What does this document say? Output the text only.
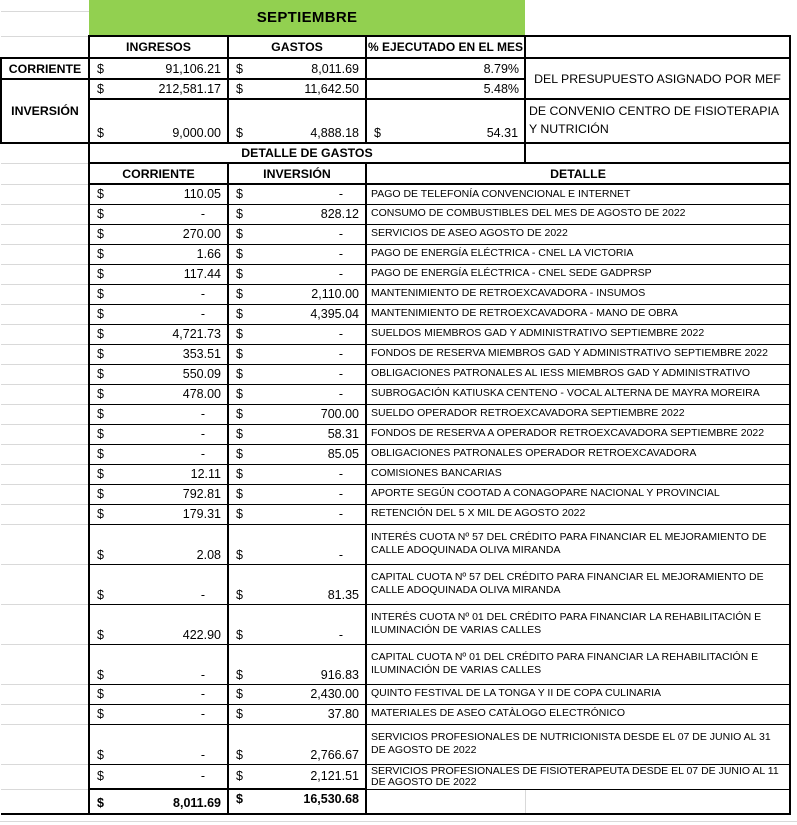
	SEPTIEMBRE			
	INGRESOS	GASTOS	% EJECUTADO EN EL MES	
CORRIENTE	$ 91,106.21	$ 8,011.69	8.79%	DEL PRESUPUESTO ASIGNADO POR MEF
INVERSIÓN	$ 212,581.17	$ 11,642.50	5.48%	

	$ 9,000.00	$ 4,888.18	$ 54.31	DE CONVENIO CENTRO DE FISIOTERAPIA Y NUTRICIÓN
	DETALLE DE GASTOS			
	CORRIENTE	INVERSIÓN	DETALLE	

	$ 110.05	$ -	PAGO DE TELEFONÍA CONVENCIONAL E INTERNET	

	$ -	$ 828.12	CONSUMO DE COMBUSTIBLES DEL MES DE AGOSTO DE 2022	

	$ 270.00	$ -	SERVICIOS DE ASEO AGOSTO DE 2022	

	$ 1.66	$ -	PAGO DE ENERGÍA ELÉCTRICA - CNEL LA VICTORIA	

	$ 117.44	$ -	PAGO DE ENERGÍA ELÉCTRICA - CNEL SEDE GADPRSP	

	$ -	$ 2,110.00	MANTENIMIENTO DE RETROEXCAVADORA - INSUMOS	

	$ -	$ 4,395.04	MANTENIMIENTO DE RETROEXCAVADORA - MANO DE OBRA	

	$ 4,721.73	$ -	SUELDOS MIEMBROS GAD Y ADMINISTRATIVO SEPTIEMBRE 2022	

	$ 353.51	$ -	FONDOS DE RESERVA MIEMBROS GAD Y ADMINISTRATIVO SEPTIEMBRE 2022	

	$ 550.09	$ -	OBLIGACIONES PATRONALES AL IESS MIEMBROS GAD Y ADMINISTRATIVO	

	$ 478.00	$ -	SUBROGACIÓN KATIUSKA CENTENO - VOCAL ALTERNA DE MAYRA MOREIRA	

	$ -	$ 700.00	SUELDO OPERADOR RETROEXCAVADORA SEPTIEMBRE 2022	

	$ -	$ 58.31	FONDOS DE RESERVA A OPERADOR RETROEXCAVADORA SEPTIEMBRE 2022	

	$ -	$ 85.05	OBLIGACIONES PATRONALES OPERADOR RETROEXCAVADORA	

	$ 12.11	$ -	COMISIONES BANCARIAS	

	$ 792.81	$ -	APORTE SEGÚN COOTAD A CONAGOPARE NACIONAL Y PROVINCIAL	

	$ 179.31	$ -	RETENCIÓN DEL 5 X MIL DE AGOSTO 2022	

	$ 2.08	$ -	INTERÉS CUOTA Nº 57 DEL CRÉDITO PARA FINANCIAR EL MEJORAMIENTO DE CALLE ADOQUINADA OLIVA MIRANDA	

	$ -	$ 81.35	CAPITAL CUOTA Nº 57 DEL CRÉDITO PARA FINANCIAR EL MEJORAMIENTO DE CALLE ADOQUINADA OLIVA MIRANDA	

	$ 422.90	$ -	INTERÉS CUOTA Nº 01 DEL CRÉDITO PARA FINANCIAR LA REHABILITACIÓN E ILUMINACIÓN DE VARIAS CALLES	

	$ -	$ 916.83	CAPITAL CUOTA Nº 01 DEL CRÉDITO PARA FINANCIAR LA REHABILITACIÓN E ILUMINACIÓN DE VARIAS CALLES	

	$ -	$ 2,430.00	QUINTO FESTIVAL DE LA TONGA Y II DE COPA CULINARIA	

	$ -	$ 37.80	MATERIALES DE ASEO CATÀLOGO ELECTRÓNICO	

	$ -	$ 2,766.67	SERVICIOS PROFESIONALES DE NUTRICIONISTA DESDE EL 07 DE JUNIO AL 31 DE AGOSTO DE 2022	

	$ -	$ 2,121.51	SERVICIOS PROFESIONALES DE FISIOTERAPEUTA DESDE EL 07 DE JUNIO AL 11 DE AGOSTO DE 2022	

	$ 8,011.69	$ 16,530.68		
